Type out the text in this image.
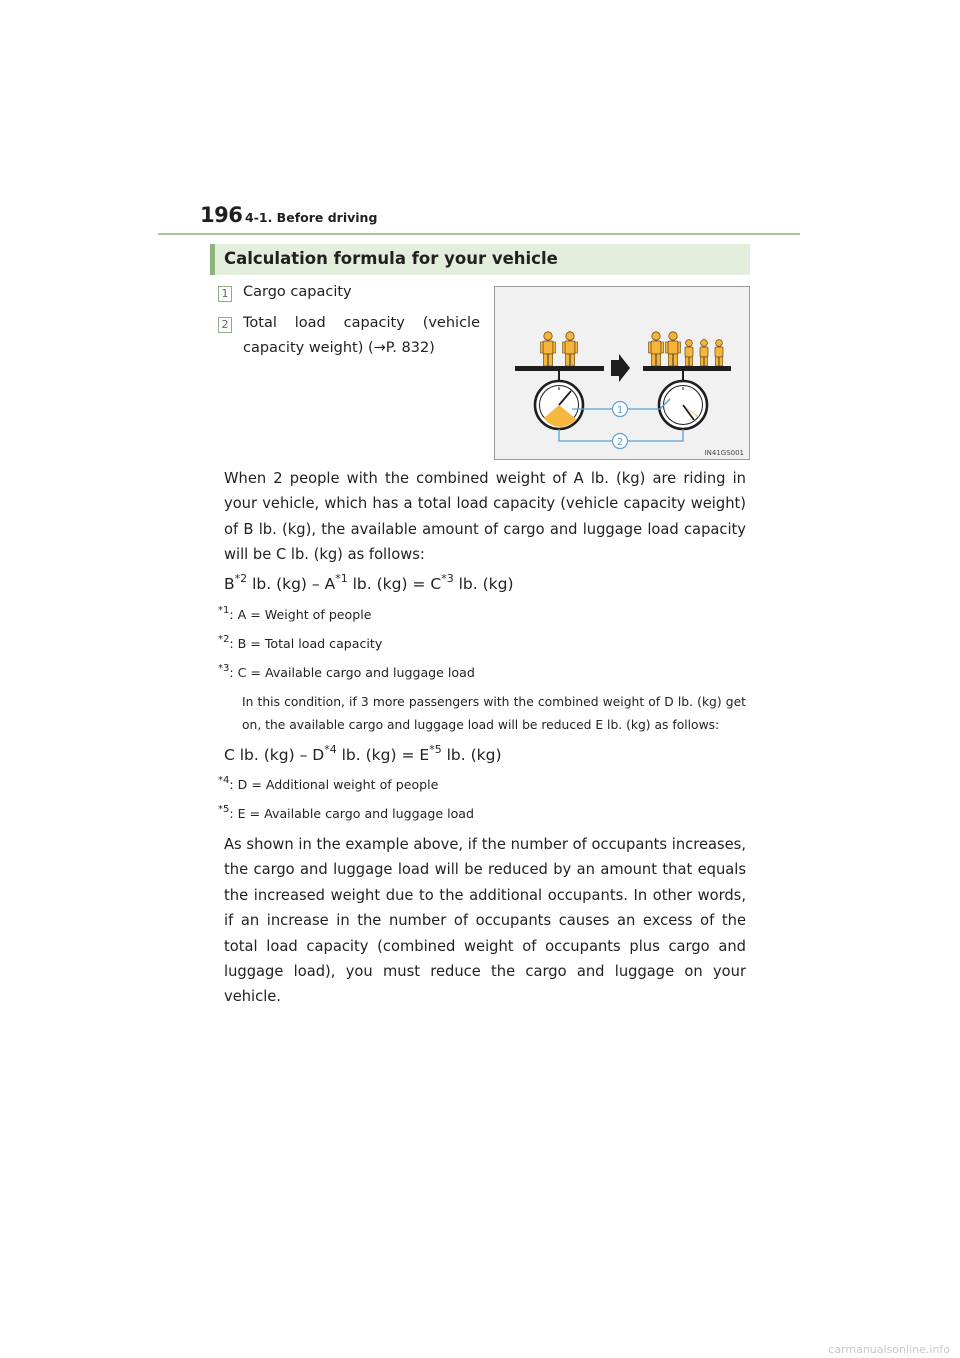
196 4-1. Before driving
Calculation formula for your vehicle
1 Cargo capacity
2 Total load capacity (vehicle
capacity weight) (→P. 832)
1
2
IN41GS001
When 2 people with the combined weight of A lb. (kg) are riding in your vehicle, which has a total load capacity (vehicle capacity weight) of B lb. (kg), the available amount of cargo and luggage load capacity will be C lb. (kg) as follows:
$B^{*2}$ lb. $(kg) - A^{*1}$ lb. $(kg) = C^{*3}$ lb. (kg)
$^{*1}$: A = Weight of people
$^{*2}$: B = Total load capacity
$^{*3}$: C = Available cargo and luggage load
In this condition, if 3 more passengers with the combined weight of D lb. (kg) get on, the available cargo and luggage load will be reduced E lb. (kg) as follows:
C lb. $(kg) - D^{*4}$ lb. $(kg) = E^{*5}$ lb. (kg)
$^{*4}$: D = Additional weight of people
$^{*5}$: E = Available cargo and luggage load
As shown in the example above, if the number of occupants increases, the cargo and luggage load will be reduced by an amount that equals the increased weight due to the additional occupants. In other words, if an increase in the number of occupants causes an excess of the total load capacity (combined weight of occupants plus cargo and luggage load), you must reduce the cargo and luggage on your vehicle.
carmanualsonline.info
